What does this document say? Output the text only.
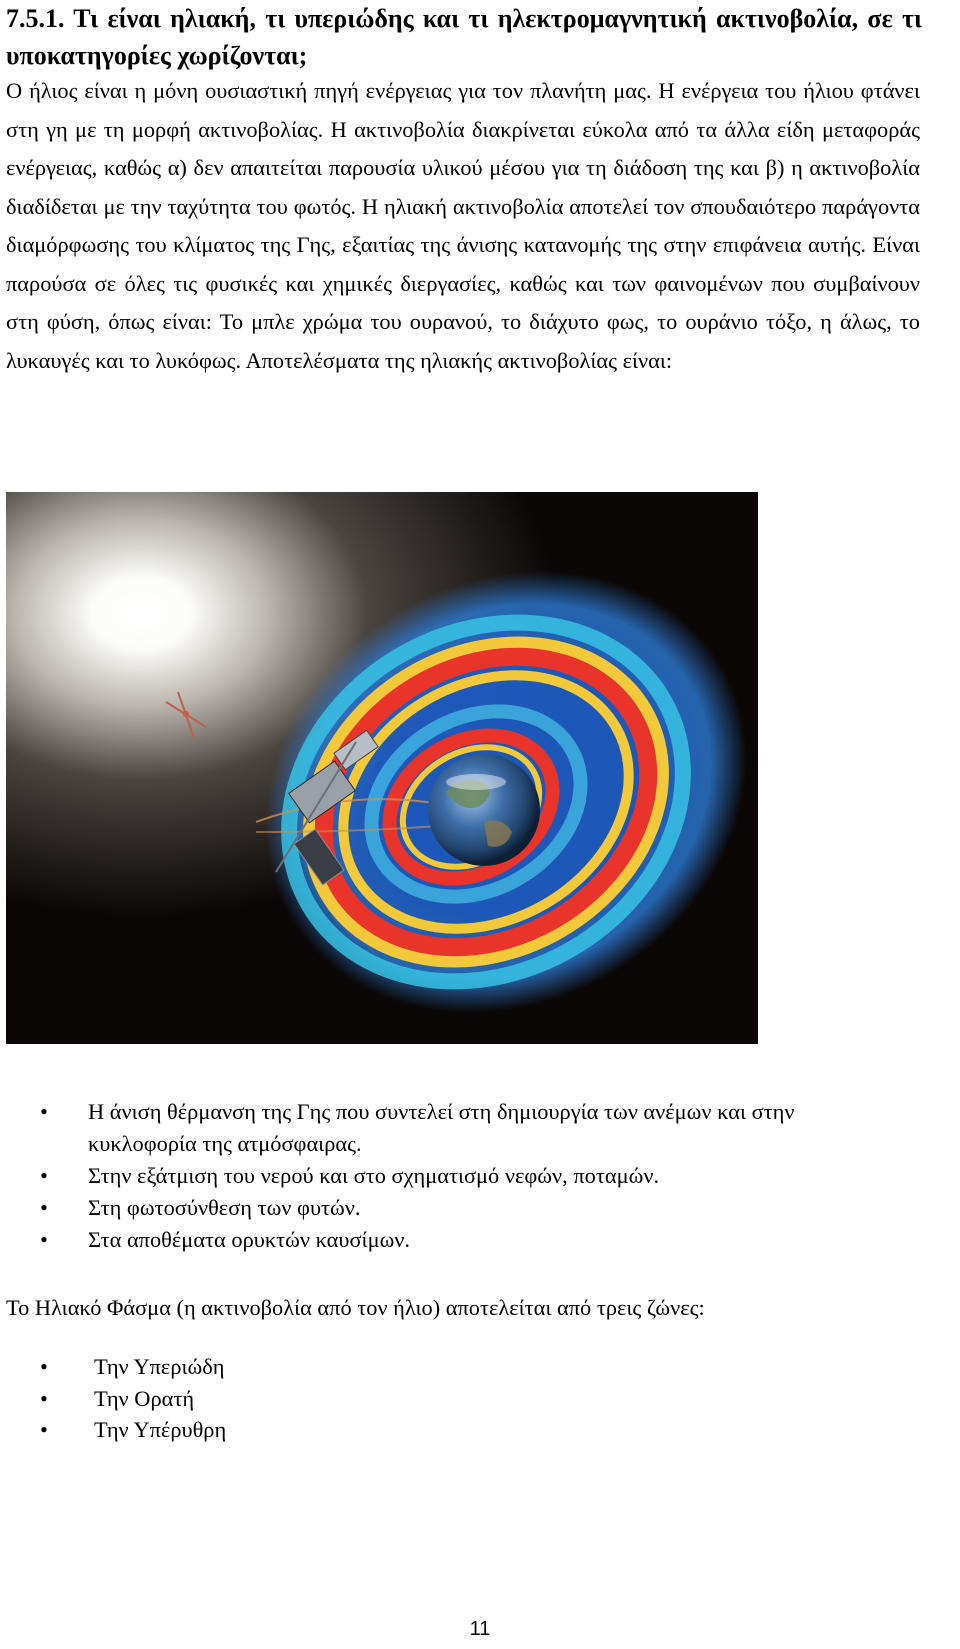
7.5.1. Τι είναι ηλιακή, τι υπεριώδης και τι ηλεκτρομαγνητική ακτινοβολία, σε τι υποκατηγορίες χωρίζονται;

Ο ήλιος είναι η μόνη ουσιαστική πηγή ενέργειας για τον πλανήτη μας. Η ενέργεια του ήλιου φτάνει στη γη με τη μορφή ακτινοβολίας. Η ακτινοβολία διακρίνεται εύκολα από τα άλλα είδη μεταφοράς ενέργειας, καθώς α) δεν απαιτείται παρουσία υλικού μέσου για τη διάδοση της και β) η ακτινοβολία διαδίδεται με την ταχύτητα του φωτός. Η ηλιακή ακτινοβολία αποτελεί τον σπουδαιότερο παράγοντα διαμόρφωσης του κλίματος της Γης, εξαιτίας της άνισης κατανομής της στην επιφάνεια αυτής. Είναι παρούσα σε όλες τις φυσικές και χημικές διεργασίες, καθώς και των φαινομένων που συμβαίνουν στη φύση, όπως είναι: Το μπλε χρώμα του ουρανού, το διάχυτο φως, το ουράνιο τόξο, η άλως, το λυκαυγές και το λυκόφως. Αποτελέσματα της ηλιακής ακτινοβολίας είναι:

• Η άνιση θέρμανση της Γης που συντελεί στη δημιουργία των ανέμων και στην κυκλοφορία της ατμόσφαιρας.
• Στην εξάτμιση του νερού και στο σχηματισμό νεφών, ποταμών.
• Στη φωτοσύνθεση των φυτών.
• Στα αποθέματα ορυκτών καυσίμων.

Το Ηλιακό Φάσμα (η ακτινοβολία από τον ήλιο) αποτελείται από τρεις ζώνες:

• Την Υπεριώδη
• Την Ορατή
• Την Υπέρυθρη
11
